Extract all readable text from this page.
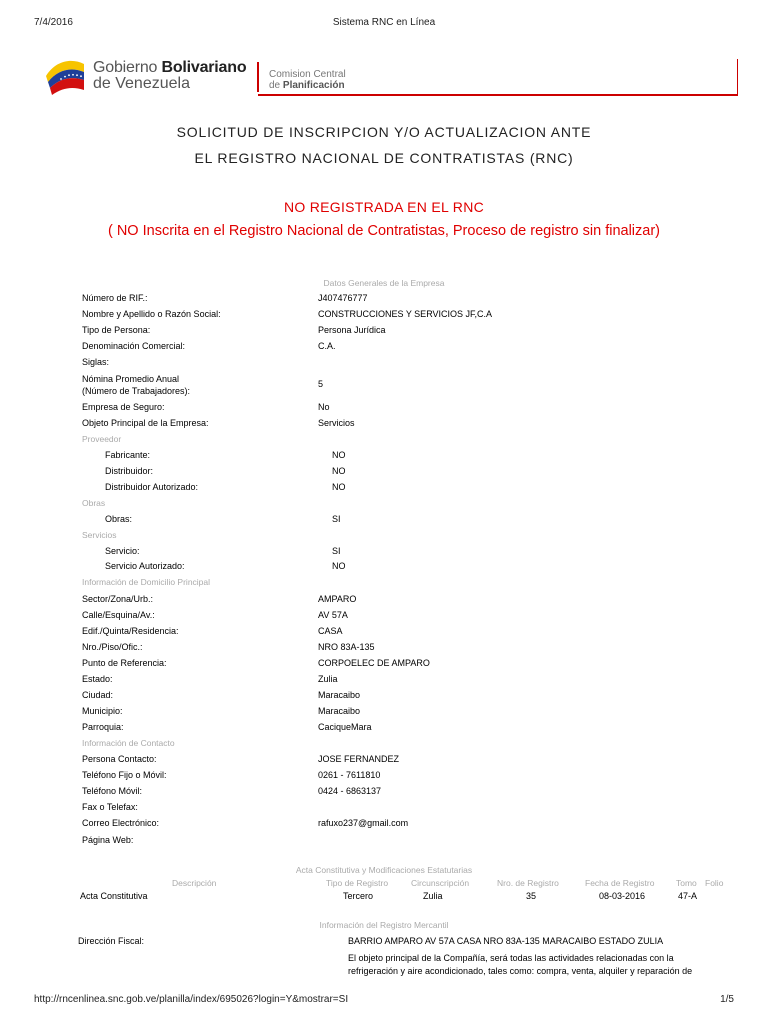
7/4/2016	Sistema RNC en Línea
Gobierno Bolivariano
de Venezuela
Comision Central
de Planificación
SOLICITUD DE INSCRIPCION Y/O ACTUALIZACION ANTE
EL REGISTRO NACIONAL DE CONTRATISTAS (RNC)
NO REGISTRADA EN EL RNC
( NO Inscrita en el Registro Nacional de Contratistas, Proceso de registro sin finalizar)
Datos Generales de la Empresa
Número de RIF.:	J407476777
Nombre y Apellido o Razón Social:	CONSTRUCCIONES Y SERVICIOS JF,C.A
Tipo de Persona:	Persona Jurídica
Denominación Comercial:	C.A.
Siglas:
Nómina Promedio Anual
(Número de Trabajadores):
5
Empresa de Seguro:	No
Objeto Principal de la Empresa:	Servicios
Proveedor
Fabricante:	NO
Distribuidor:	NO
Distribuidor Autorizado:	NO
Obras
Obras:	SI
Servicios
Servicio:	SI
Servicio Autorizado:	NO
Información de Domicilio Principal
Sector/Zona/Urb.:	AMPARO
Calle/Esquina/Av.:	AV 57A
Edif./Quinta/Residencia:	CASA
Nro./Piso/Ofic.:	NRO 83A-135
Punto de Referencia:	CORPOELEC DE AMPARO
Estado:	Zulia
Ciudad:	Maracaibo
Municipio:	Maracaibo
Parroquia:	CaciqueMara
Información de Contacto
Persona Contacto:	JOSE FERNANDEZ
Teléfono Fijo o Móvil:	0261 - 7611810
Teléfono Móvil:	0424 - 6863137
Fax o Telefax:
Correo Electrónico:	rafuxo237@gmail.com
Página Web:
Acta Constitutiva y Modificaciones Estatutarias
Descripción	Tipo de Registro	Circunscripción	Nro. de Registro	Fecha de Registro	Tomo Folio
Acta Constitutiva	Tercero	Zulia	35	08-03-2016	47-A
Información del Registro Mercantil
Dirección Fiscal:	BARRIO AMPARO AV 57A CASA NRO 83A-135 MARACAIBO ESTADO ZULIA
El objeto principal de la Compañía, será todas las actividades relacionadas con la
refrigeración y aire acondicionado, tales como: compra, venta, alquiler y reparación de
http://rncenlinea.snc.gob.ve/planilla/index/695026?login=Y&mostrar=SI	1/5
